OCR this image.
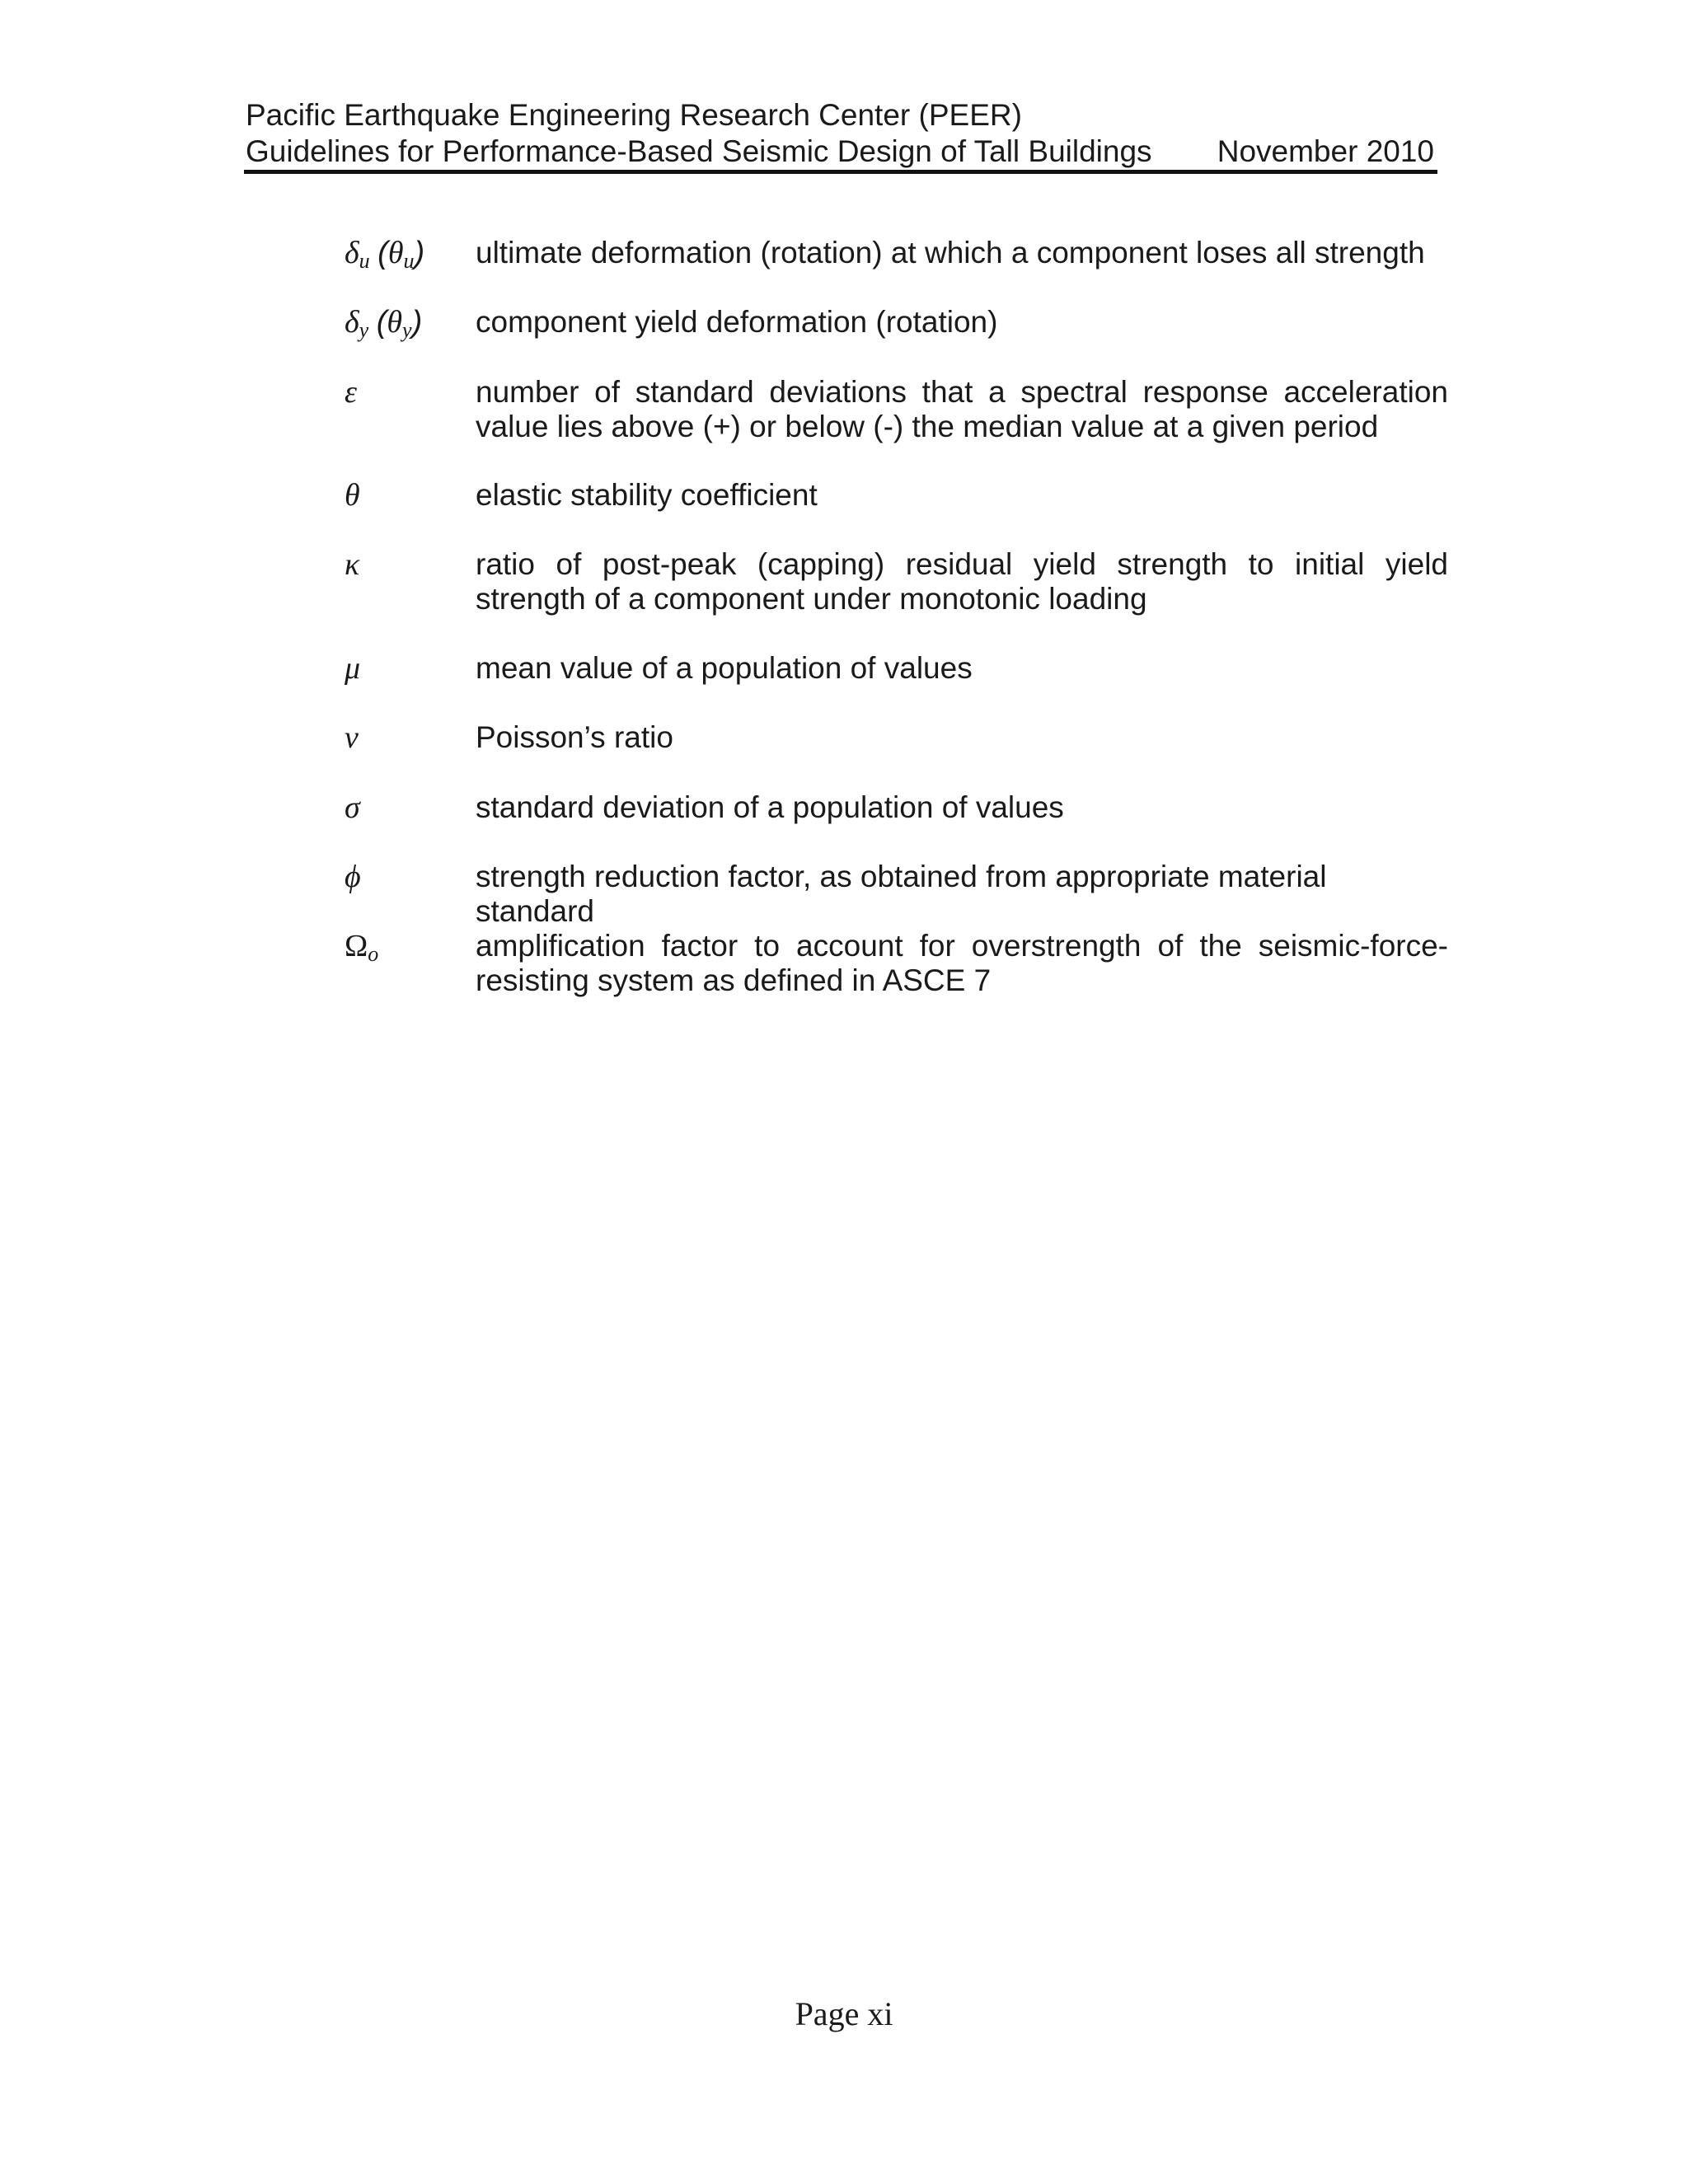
Pacific Earthquake Engineering Research Center (PEER)
Guidelines for Performance-Based Seismic Design of Tall Buildings November 2010
$\delta_u$ $(\theta_u)$ ultimate deformation (rotation) at which a component loses all strength
$\delta_y$ $(\theta_y)$ component yield deformation (rotation)
ε	number of standard deviations that a spectral response acceleration value lies above (+) or below (-) the median value at a given period
θ	elastic stability coefficient
κ	ratio of post-peak (capping) residual yield strength to initial yield strength of a component under monotonic loading
μ	mean value of a population of values
ν	Poisson’s ratio
σ	standard deviation of a population of values
ϕ	strength reduction factor, as obtained from appropriate material standard
$\Omega_o$	amplification factor to account for overstrength of the seismic-force-resisting system as defined in ASCE 7
Page xi
